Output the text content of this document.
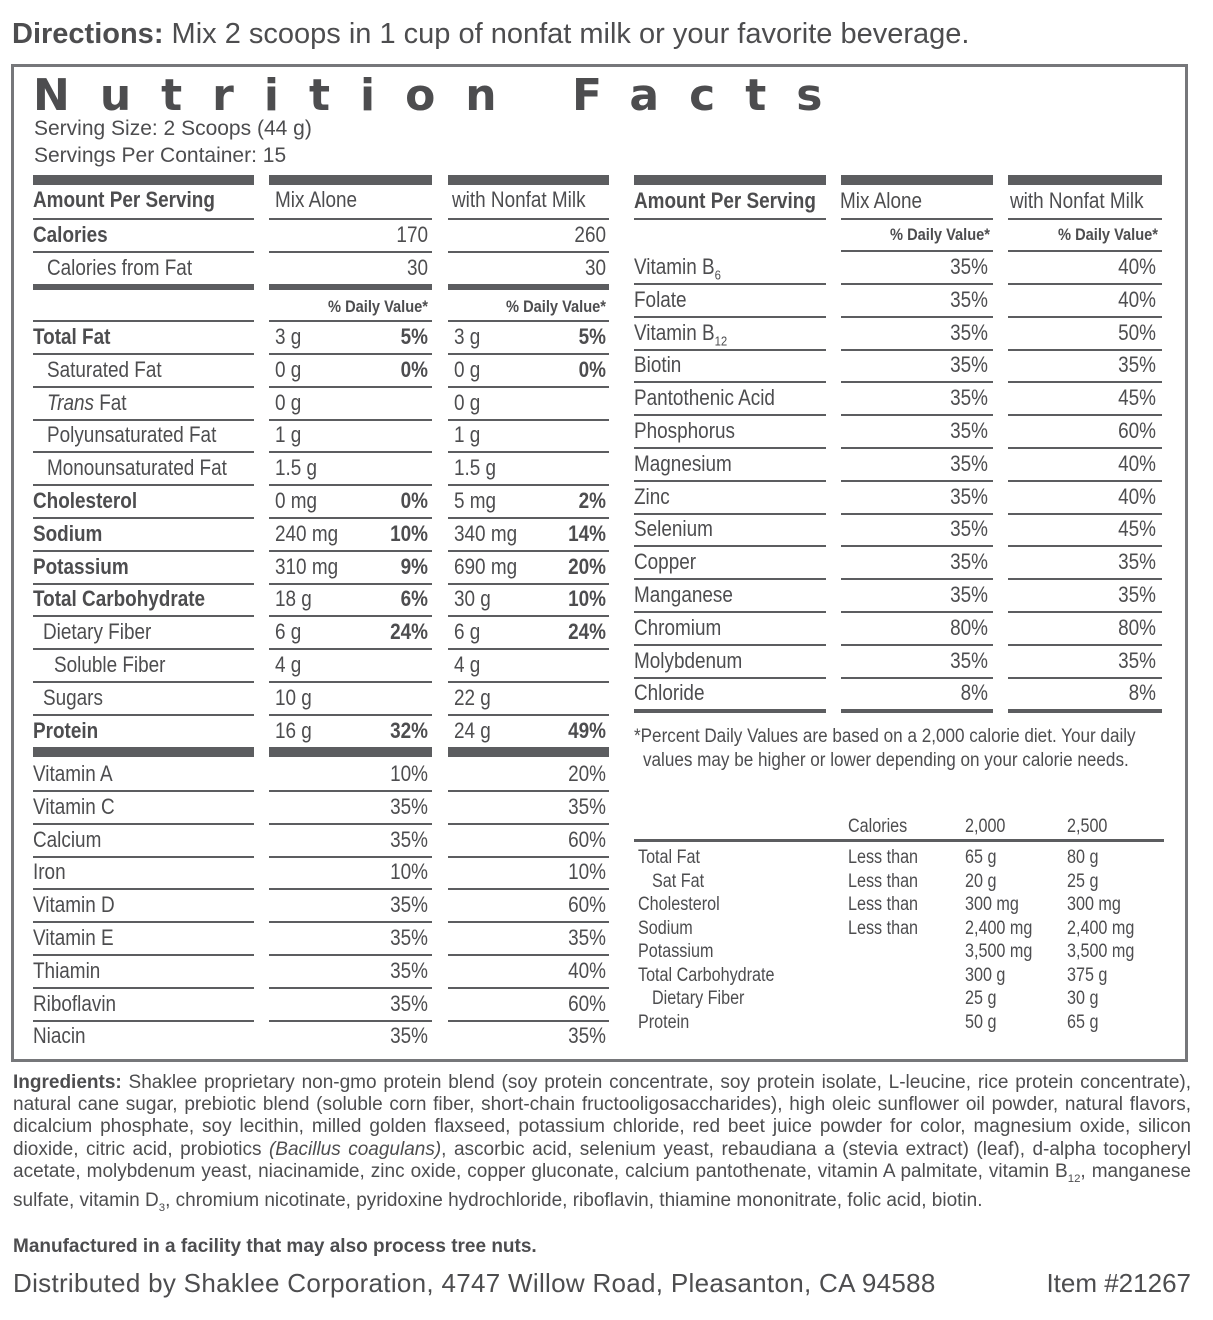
Directions: Mix 2 scoops in 1 cup of nonfat milk or your favorite beverage.
Nutrition Facts
Serving Size: 2 Scoops (44 g)
Servings Per Container: 15
Amount Per Serving	Mix Alone	with Nonfat Milk
Calories	170	260
Calories from Fat	30	30
% Daily Value*	% Daily Value*
Total Fat	3 g	5% 3 g	5%
Saturated Fat	0 g	0% 0 g	0%
Trans Fat	0 g	0 g
Polyunsaturated Fat	1 g	1 g
Monounsaturated Fat 1.5 g	1.5 g
Cholesterol	0 mg	0% 5 mg	2%
Sodium	240 mg	10% 340 mg	14%
Potassium	310 mg	9% 690 mg	20%
Total Carbohydrate	18 g	6% 30 g	10%
Dietary Fiber	6 g	24% 6 g	24%
Soluble Fiber	4 g	4 g
Sugars	10 g	22 g
Protein	16 g	32% 24 g	49%
Vitamin A	10%	20%
Vitamin C	35%	35%
Calcium	35%	60%
Iron	10%	10%
Vitamin D	35%	60%
Vitamin E	35%	35%
Thiamin	35%	40%
Riboflavin	35%	60%
Niacin	35%	35%
Amount Per Serving Mix Alone	with Nonfat Milk
% Daily Value*	% Daily Value*
Vitamin $B_6$	35%	40%
Folate	35%	40%
Vitamin $B_{12}$	35%	50%
Biotin	35%	35%
Pantothenic Acid	35%	45%
Phosphorus	35%	60%
Magnesium	35%	40%
Zinc	35%	40%
Selenium	35%	45%
Copper	35%	35%
Manganese	35%	35%
Chromium	80%	80%
Molybdenum	35%	35%
Chloride	8%	8%
*Percent Daily Values are based on a 2,000 calorie diet. Your daily
values may be higher or lower depending on your calorie needs.
Calories	2,000	2,500
Total Fat	Less than 65 g	80 g
Sat Fat	Less than 20 g	25 g
Cholesterol	Less than 300 mg	300 mg
Sodium	Less than 2,400 mg 2,400 mg
Potassium	3,500 mg 3,500 mg
Total Carbohydrate	300 g	375 g
Dietary Fiber	25 g	30 g
Protein	50 g	65 g
Ingredients: Shaklee proprietary non-gmo protein blend (soy protein concentrate, soy protein isolate, L-leucine, rice protein concentrate), natural cane sugar, prebiotic blend (soluble corn fiber, short-chain fructooligosaccharides), high oleic sunflower oil powder, natural flavors, dicalcium phosphate, soy lecithin, milled golden flaxseed, potassium chloride, red beet juice powder for color, magnesium oxide, silicon dioxide, citric acid, probiotics (Bacillus coagulans), ascorbic acid, selenium yeast, rebaudiana a (stevia extract) (leaf), d-alpha tocopheryl acetate, molybdenum yeast, niacinamide, zinc oxide, copper gluconate, calcium pantothenate, vitamin A palmitate, vitamin $B_{12}$, manganese sulfate, vitamin $D_3$, chromium nicotinate, pyridoxine hydrochloride, riboflavin, thiamine mononitrate, folic acid, biotin.
Manufactured in a facility that may also process tree nuts.
Distributed by Shaklee Corporation, 4747 Willow Road, Pleasanton, CA 94588	Item #21267
